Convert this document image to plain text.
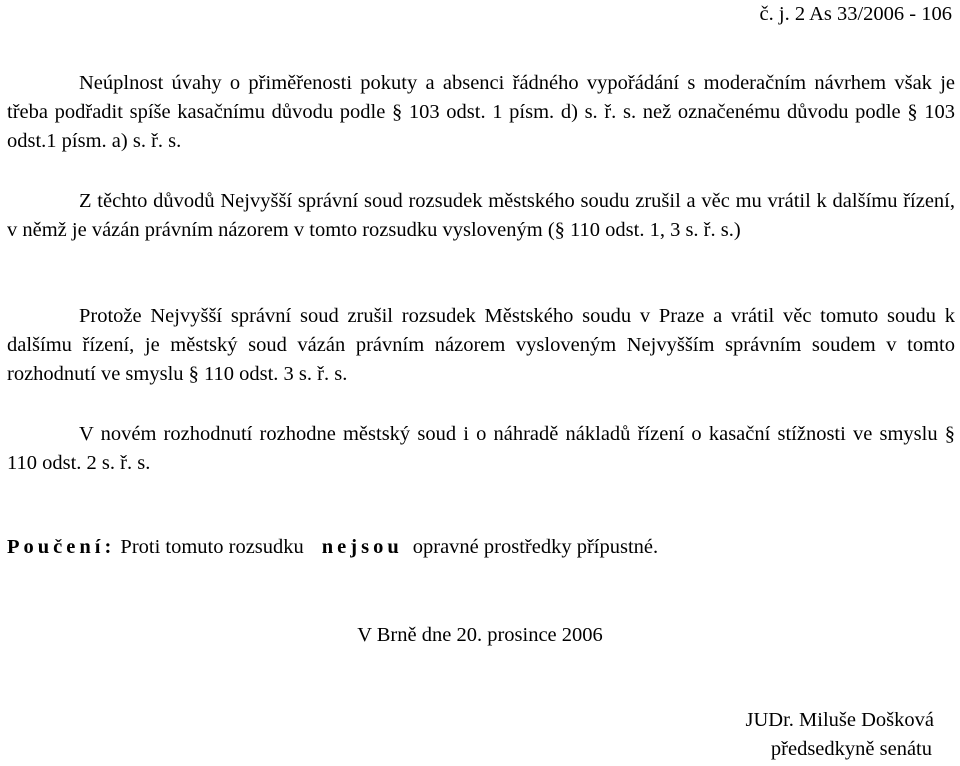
č. j. 2 As 33/2006 - 106

Neúplnost úvahy o přiměřenosti pokuty a absenci řádného vypořádání s moderačním návrhem však je třeba podřadit spíše kasačnímu důvodu podle § 103 odst. 1 písm. d) s. ř. s. než označenému důvodu podle § 103 odst.1 písm. a) s. ř. s.

Z těchto důvodů Nejvyšší správní soud rozsudek městského soudu zrušil a věc mu vrátil k dalšímu řízení, v němž je vázán právním názorem v tomto rozsudku vysloveným (§ 110 odst. 1, 3 s. ř. s.)

Protože Nejvyšší správní soud zrušil rozsudek Městského soudu v Praze a vrátil věc tomuto soudu k dalšímu řízení, je městský soud vázán právním názorem vysloveným Nejvyšším správním soudem v tomto rozhodnutí ve smyslu § 110 odst. 3 s. ř. s.

V novém rozhodnutí rozhodne městský soud i o náhradě nákladů řízení o kasační stížnosti ve smyslu § 110 odst. 2 s. ř. s.

Poučení: Proti tomuto rozsudku nejsou opravné prostředky přípustné.
V Brně dne 20. prosince 2006
JUDr. Miluše Došková
předsedkyně senátu
